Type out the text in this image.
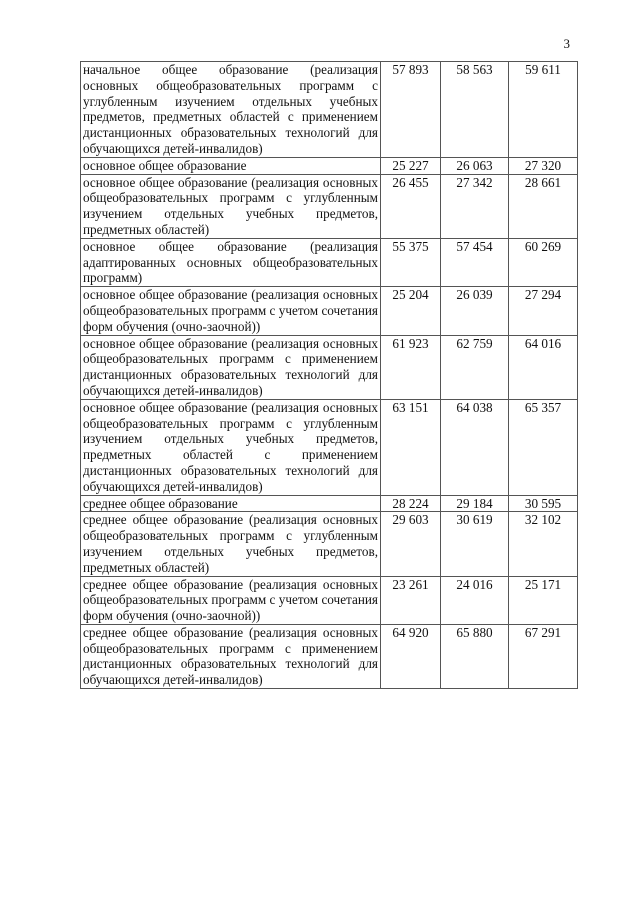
3
начальное общее образование (реализация основных общеобразовательных программ с углубленным изучением отдельных учебных предметов, предметных областей с применением дистанционных образовательных технологий для обучающихся детей-инвалидов)	57 893	58 563	59 611
основное общее образование	25 227	26 063	27 320
основное общее образование (реализация основных общеобразовательных программ с углубленным изучением отдельных учебных предметов, предметных областей)	26 455	27 342	28 661
основное общее образование (реализация адаптированных основных общеобразовательных программ)	55 375	57 454	60 269
основное общее образование (реализация основных общеобразовательных программ с учетом сочетания форм обучения (очно-заочной))	25 204	26 039	27 294
основное общее образование (реализация основных общеобразовательных программ с применением дистанционных образовательных технологий для обучающихся детей-инвалидов)	61 923	62 759	64 016
основное общее образование (реализация основных общеобразовательных программ с углубленным изучением отдельных учебных предметов, предметных областей с применением дистанционных образовательных технологий для обучающихся детей-инвалидов)	63 151	64 038	65 357
среднее общее образование	28 224	29 184	30 595
среднее общее образование (реализация основных общеобразовательных программ с углубленным изучением отдельных учебных предметов, предметных областей)	29 603	30 619	32 102
среднее общее образование (реализация основных общеобразовательных программ с учетом сочетания форм обучения (очно-заочной))	23 261	24 016	25 171
среднее общее образование (реализация основных общеобразовательных программ с применением дистанционных образовательных технологий для обучающихся детей-инвалидов)	64 920	65 880	67 291
